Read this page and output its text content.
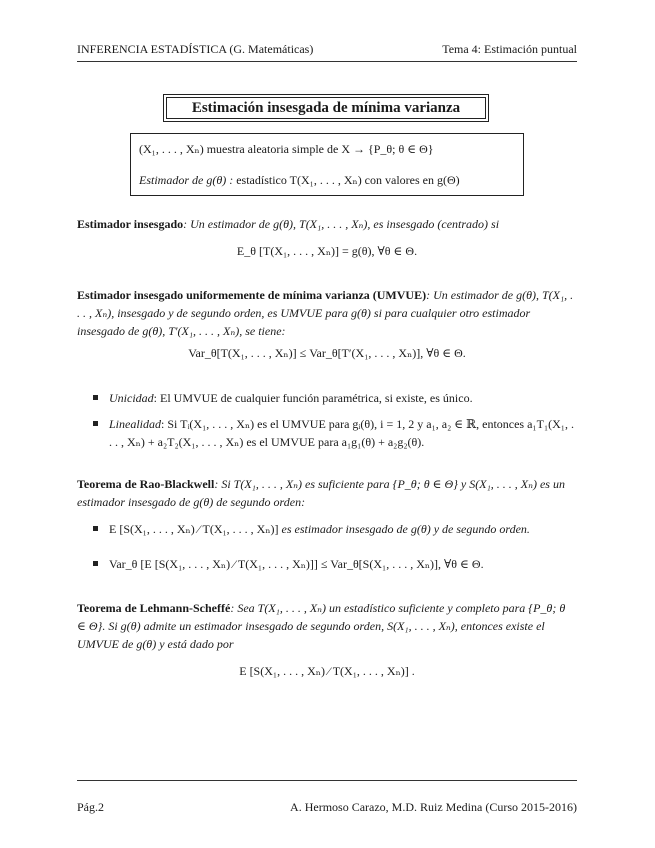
INFERENCIA ESTADÍSTICA (G. Matemáticas)	Tema 4: Estimación puntual
Estimación insesgada de mínima varianza
(X₁, . . . , Xₙ) muestra aleatoria simple de X → {P_θ; θ ∈ Θ}
Estimador de g(θ) : estadístico T(X₁, . . . , Xₙ) con valores en g(Θ)
Estimador insesgado: Un estimador de g(θ), T(X₁, . . . , Xₙ), es insesgado (centrado) si
E_θ [T(X₁, . . . , Xₙ)] = g(θ), ∀θ ∈ Θ.
Estimador insesgado uniformemente de mínima varianza (UMVUE): Un estimador de g(θ), T(X₁, . . . , Xₙ), insesgado y de segundo orden, es UMVUE para g(θ) si para cualquier otro estimador insesgado de g(θ), T′(X₁, . . . , Xₙ), se tiene:
Var_θ[T(X₁, . . . , Xₙ)] ≤ Var_θ[T′(X₁, . . . , Xₙ)], ∀θ ∈ Θ.
Unicidad: El UMVUE de cualquier función paramétrica, si existe, es único.
Linealidad: Si Tᵢ(X₁, . . . , Xₙ) es el UMVUE para gᵢ(θ), i = 1, 2 y a₁, a₂ ∈ ℝ, entonces a₁T₁(X₁, . . . , Xₙ) + a₂T₂(X₁, . . . , Xₙ) es el UMVUE para a₁g₁(θ) + a₂g₂(θ).
Teorema de Rao-Blackwell: Si T(X₁, . . . , Xₙ) es suficiente para {P_θ; θ ∈ Θ} y S(X₁, . . . , Xₙ) es un estimador insesgado de g(θ) de segundo orden:
E [S(X₁, . . . , Xₙ) ⁄ T(X₁, . . . , Xₙ)] es estimador insesgado de g(θ) y de segundo orden.
Var_θ [E [S(X₁, . . . , Xₙ) ⁄ T(X₁, . . . , Xₙ)]] ≤ Var_θ[S(X₁, . . . , Xₙ)], ∀θ ∈ Θ.
Teorema de Lehmann-Scheffé: Sea T(X₁, . . . , Xₙ) un estadístico suficiente y completo para {P_θ; θ ∈ Θ}. Si g(θ) admite un estimador insesgado de segundo orden, S(X₁, . . . , Xₙ), entonces existe el UMVUE de g(θ) y está dado por
E [S(X₁, . . . , Xₙ) ⁄ T(X₁, . . . , Xₙ)] .
Pág.2	A. Hermoso Carazo, M.D. Ruiz Medina (Curso 2015-2016)
